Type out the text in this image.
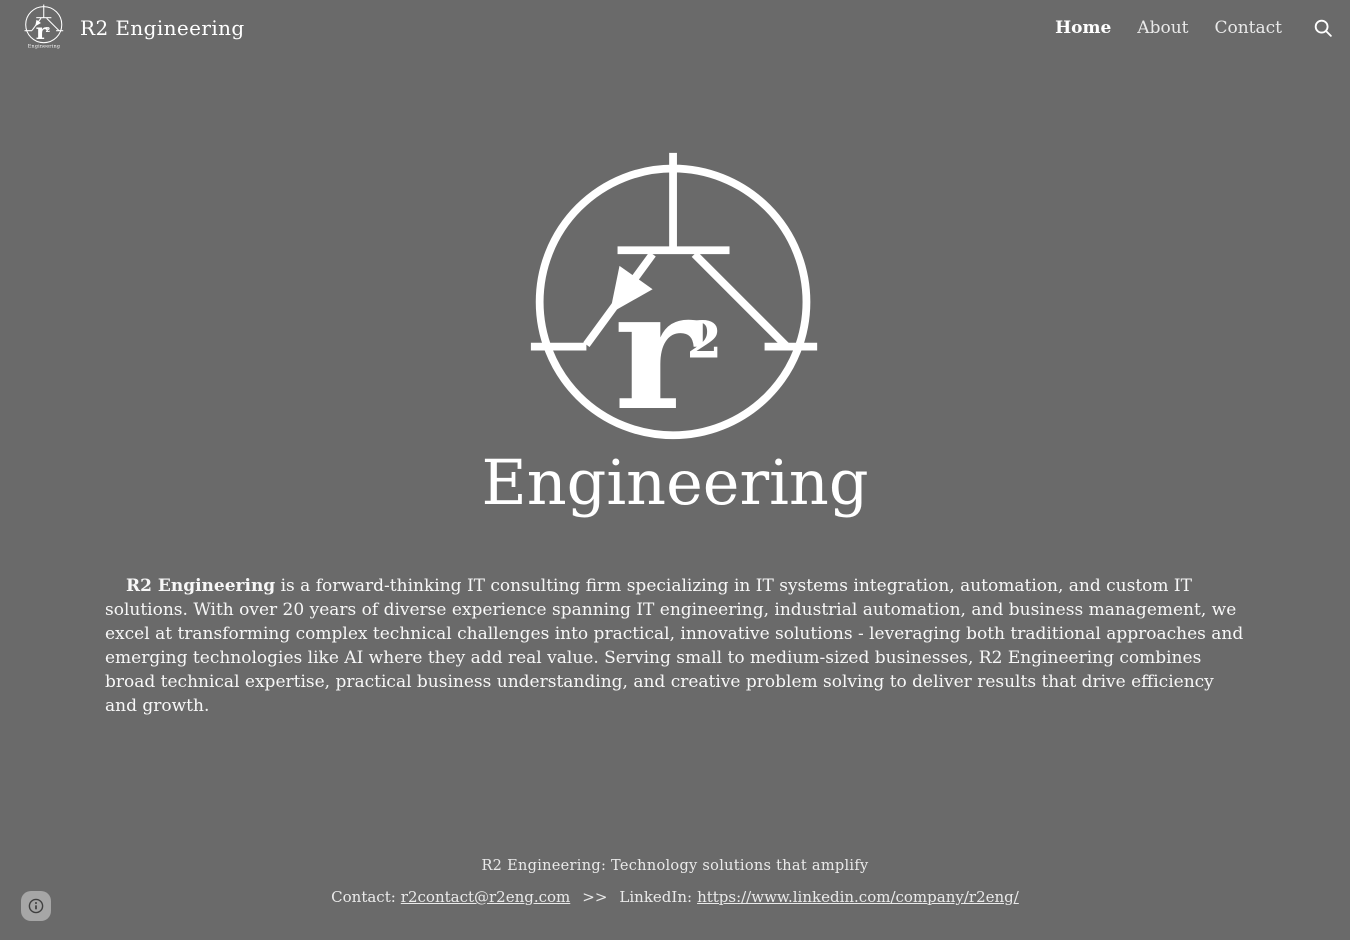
Engineering
R2 Engineering	Home About Contact
Engineering

R2 Engineering is a forward-thinking IT consulting firm specializing in IT systems integration, automation, and custom IT solutions. With over 20 years of diverse experience spanning IT engineering, industrial automation, and business management, we excel at transforming complex technical challenges into practical, innovative solutions - leveraging both traditional approaches and emerging technologies like AI where they add real value. Serving small to medium-sized businesses, R2 Engineering combines broad technical expertise, practical business understanding, and creative problem solving to deliver results that drive efficiency and growth.

R2 Engineering: Technology solutions that amplify
Contact: r2contact@r2eng.com >> LinkedIn: https://www.linkedin.com/company/r2eng/
